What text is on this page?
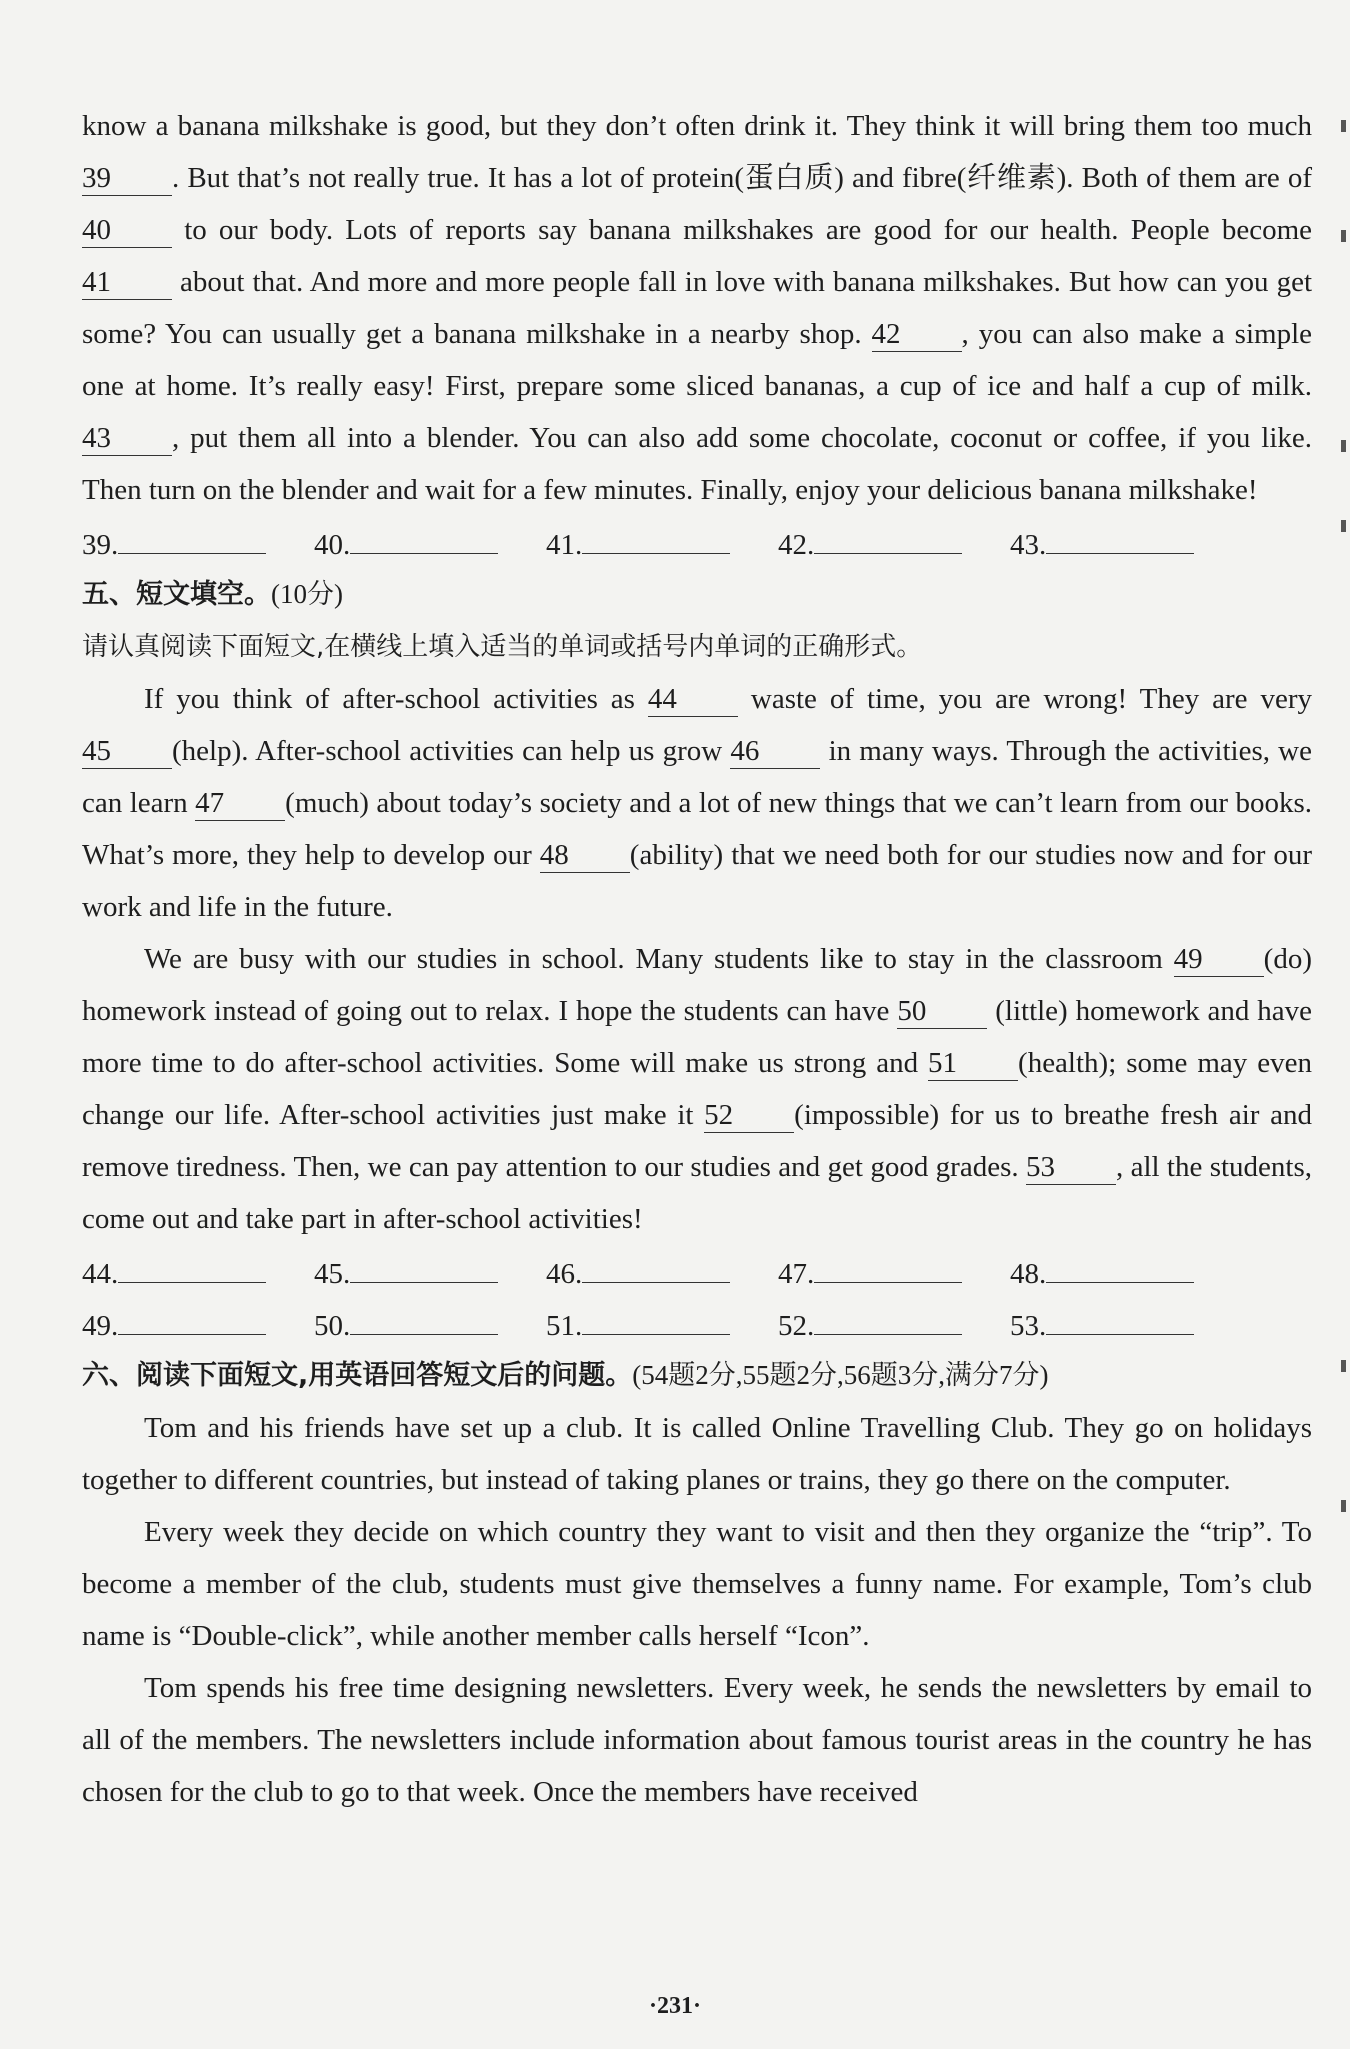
know a banana milkshake is good, but they don’t often drink it. They think it will bring them too much 39 . But that’s not really true. It has a lot of protein(蛋白质) and fibre(纤维素). Both of them are of 40	to our body. Lots of reports say banana milkshakes are good for our health. People become 41 about that. And more and more people fall in love with banana milkshakes. But how can you get some? You can usually get a banana milkshake in a nearby shop. 42 , you can also make a simple one at home. It’s really easy! First, prepare some sliced bananas, a cup of ice and half a cup of milk. 43 , put them all into a blender. You can also add some chocolate, coconut or coffee, if you like. Then turn on the blender and wait for a few minutes. Finally, enjoy your delicious banana milkshake!

39.	40.	41.	42.	43.
五、短文填空。(10分)
请认真阅读下面短文,在横线上填入适当的单词或括号内单词的正确形式。

If you think of after-school activities as 44	waste of time, you are wrong! They are very 45 (help). After-school activities can help us grow 46 in many ways. Through the activities, we can learn 47 (much) about today’s society and a lot of new things that we can’t learn from our books. What’s more, they help to develop our 48 (ability) that we need both for our studies now and for our work and life in the future.

We are busy with our studies in school. Many students like to stay in the classroom 49 (do) homework instead of going out to relax. I hope the students can have 50 (little) homework and have more time to do after-school activities. Some will make us strong and 51 (health); some may even change our life. After-school activities just make it 52 (impossible) for us to breathe fresh air and remove tiredness. Then, we can pay attention to our studies and get good grades. 53 , all the students, come out and take part in after-school activities!

44.	45.	46.	47.	48.
49.	50.	51.	52.	53.
六、阅读下面短文,用英语回答短文后的问题。(54题2分,55题2分,56题3分,满分7分)

Tom and his friends have set up a club. It is called Online Travelling Club. They go on holidays together to different countries, but instead of taking planes or trains, they go there on the computer.

Every week they decide on which country they want to visit and then they organize the “trip”. To become a member of the club, students must give themselves a funny name. For example, Tom’s club name is “Double-click”, while another member calls herself “Icon”.

Tom spends his free time designing newsletters. Every week, he sends the newsletters by email to all of the members. The newsletters include information about famous tourist areas in the country he has chosen for the club to go to that week. Once the members have received

·231·
